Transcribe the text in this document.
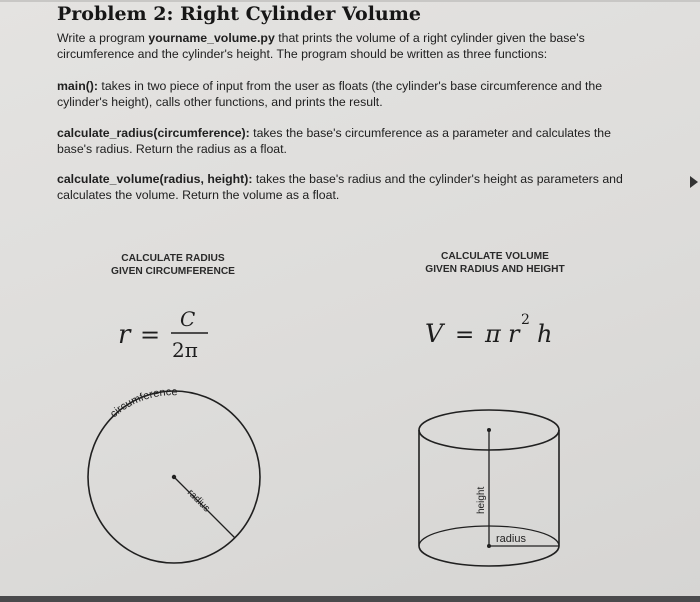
Problem 2: Right Cylinder Volume
Write a program yourname_volume.py that prints the volume of a right cylinder given the base's circumference and the cylinder's height. The program should be written as three functions:
main(): takes in two piece of input from the user as floats (the cylinder's base circumference and the cylinder's height), calls other functions, and prints the result.
calculate_radius(circumference): takes the base's circumference as a parameter and calculates the base's radius. Return the radius as a float.
calculate_volume(radius, height): takes the base's radius and the cylinder's height as parameters and calculates the volume. Return the volume as a float.
CALCULATE RADIUS
GIVEN CIRCUMFERENCE
CALCULATE VOLUME
GIVEN RADIUS AND HEIGHT
r =
C
2π
V = π r 2 h
radius
circumference
height
radius
